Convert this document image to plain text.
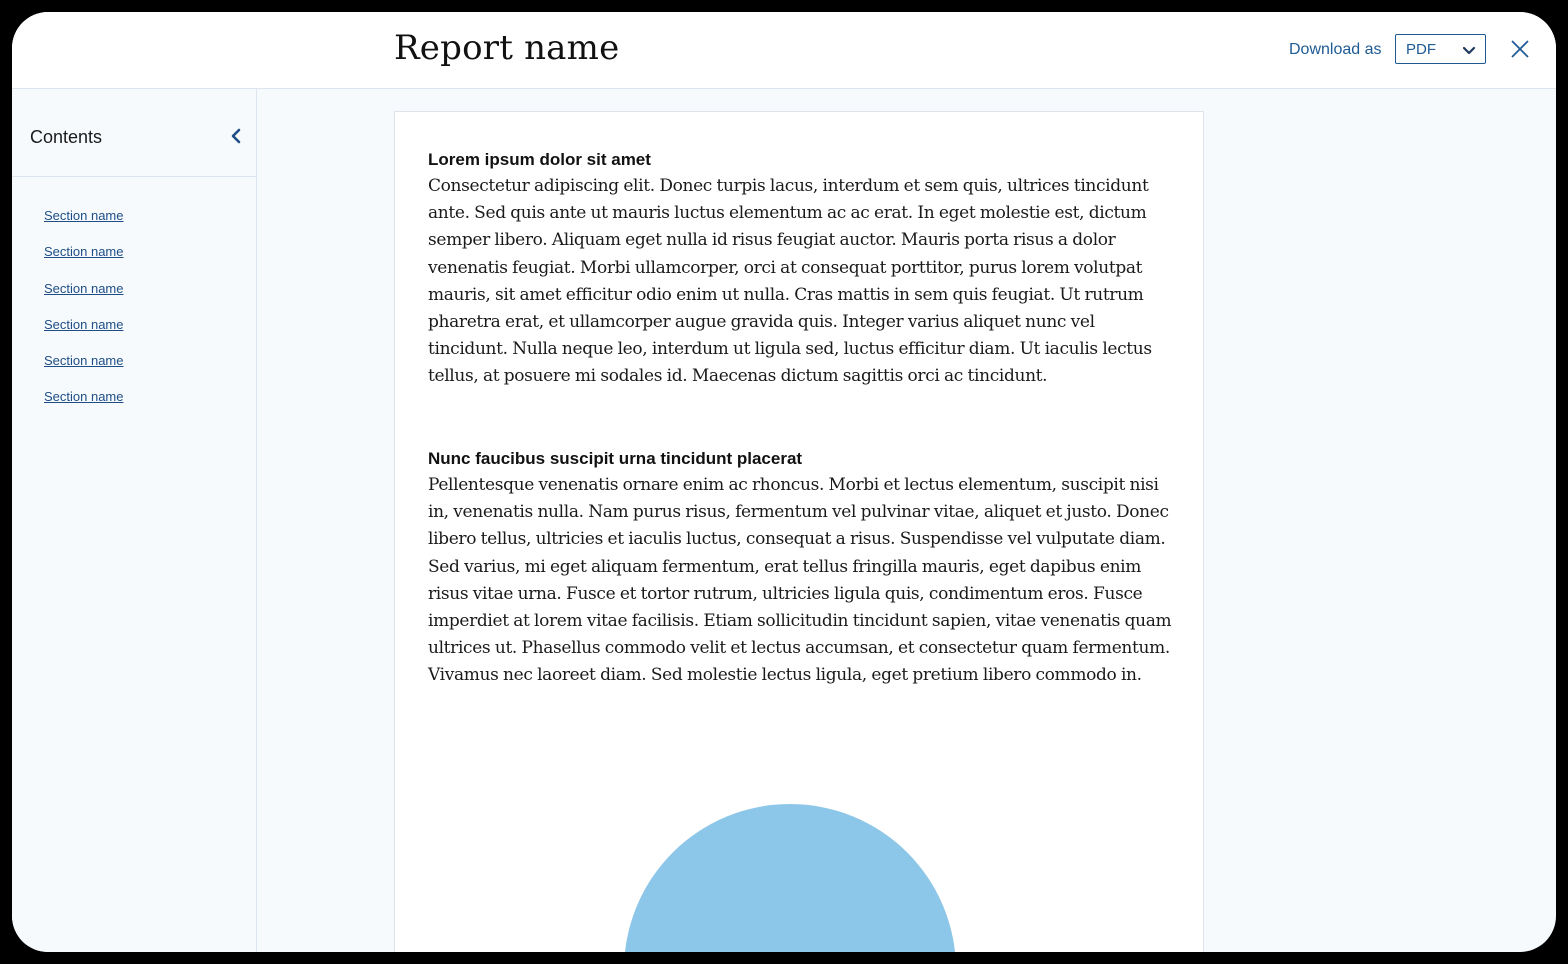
Report name	Download as PDF
Contents
Section name
Section name
Section name
Section name
Section name
Section name
Lorem ipsum dolor sit amet

Consectetur adipiscing elit. Donec turpis lacus, interdum et sem quis, ultrices tincidunt ante. Sed quis ante ut mauris luctus elementum ac ac erat. In eget molestie est, dictum semper libero. Aliquam eget nulla id risus feugiat auctor. Mauris porta risus a dolor venenatis feugiat. Morbi ullamcorper, orci at consequat porttitor, purus lorem volutpat mauris, sit amet efficitur odio enim ut nulla. Cras mattis in sem quis feugiat. Ut rutrum pharetra erat, et ullamcorper augue gravida quis. Integer varius aliquet nunc vel tincidunt. Nulla neque leo, interdum ut ligula sed, luctus efficitur diam. Ut iaculis lectus tellus, at posuere mi sodales id. Maecenas dictum sagittis orci ac tincidunt.

Nunc faucibus suscipit urna tincidunt placerat

Pellentesque venenatis ornare enim ac rhoncus. Morbi et lectus elementum, suscipit nisi in, venenatis nulla. Nam purus risus, fermentum vel pulvinar vitae, aliquet et justo. Donec libero tellus, ultricies et iaculis luctus, consequat a risus. Suspendisse vel vulputate diam. Sed varius, mi eget aliquam fermentum, erat tellus fringilla mauris, eget dapibus enim risus vitae urna. Fusce et tortor rutrum, ultricies ligula quis, condimentum eros. Fusce imperdiet at lorem vitae facilisis. Etiam sollicitudin tincidunt sapien, vitae venenatis quam ultrices ut. Phasellus commodo velit et lectus accumsan, et consectetur quam fermentum. Vivamus nec laoreet diam. Sed molestie lectus ligula, eget pretium libero commodo in.
